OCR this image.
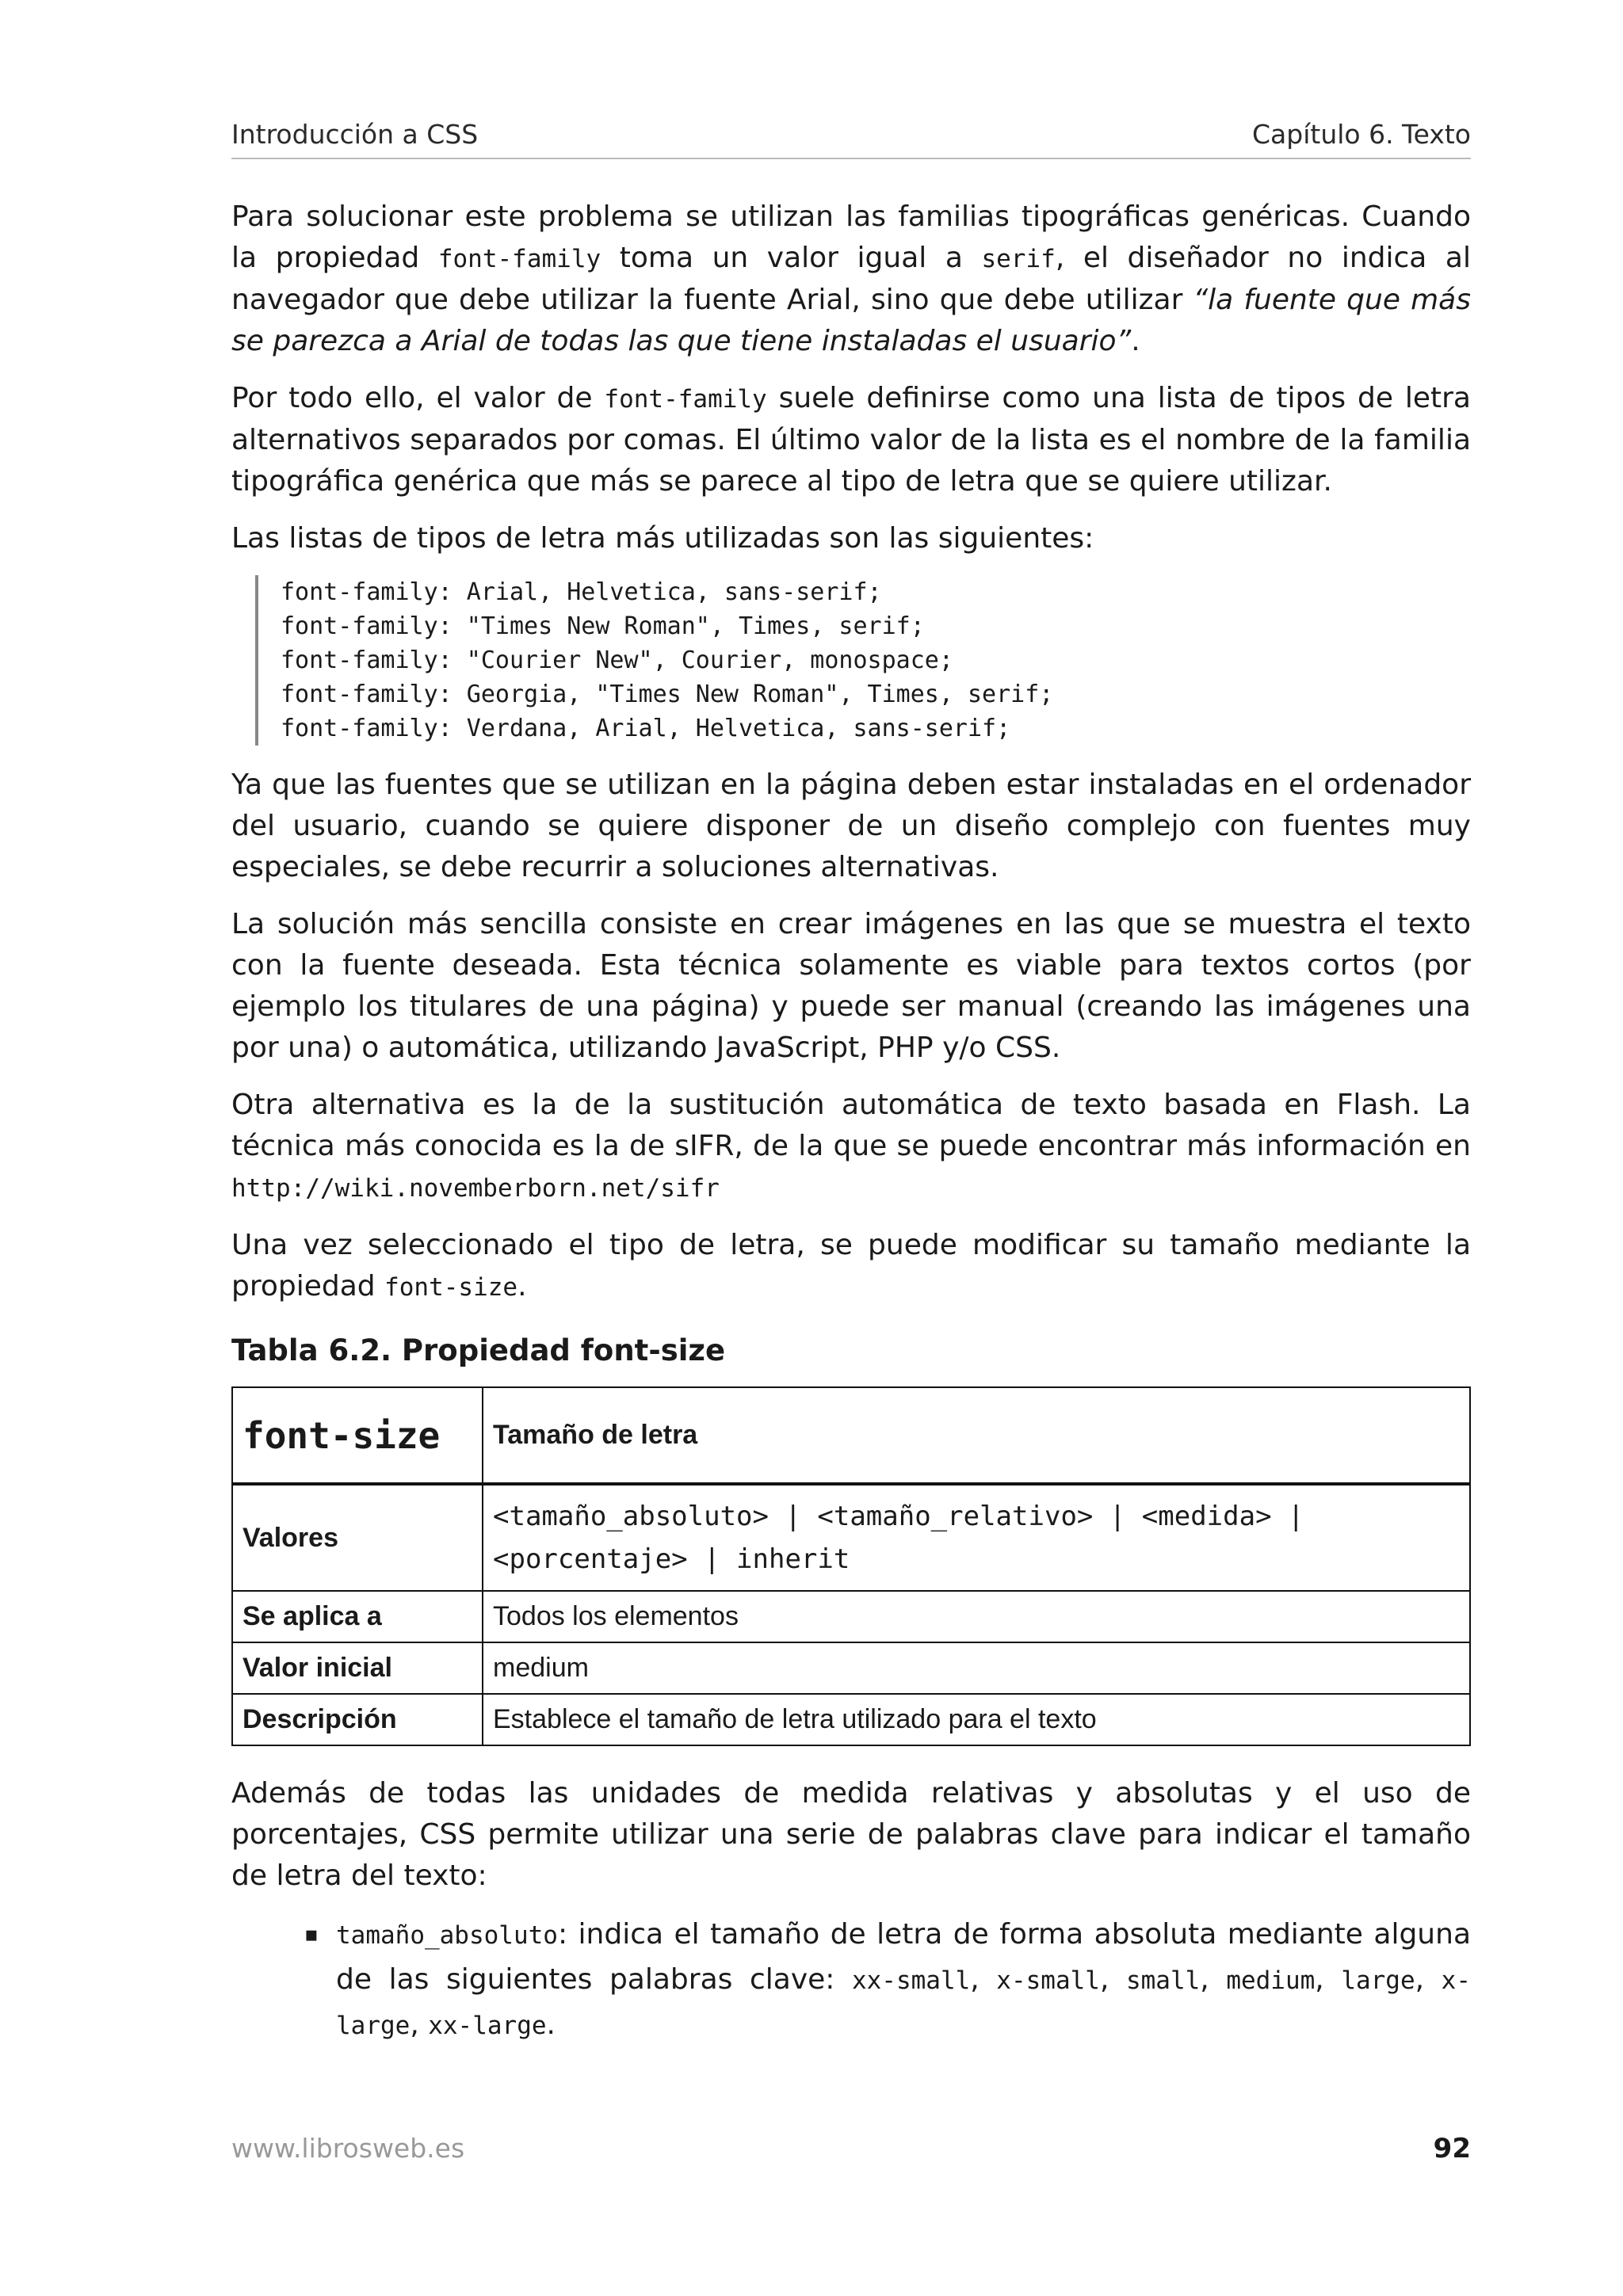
Introducción a CSS	Capítulo 6. Texto

Para solucionar este problema se utilizan las familias tipográficas genéricas. Cuando la propiedad font-family toma un valor igual a serif, el diseñador no indica al navegador que debe utilizar la fuente Arial, sino que debe utilizar “la fuente que más se parezca a Arial de todas las que tiene instaladas el usuario”.

Por todo ello, el valor de font-family suele definirse como una lista de tipos de letra alternativos separados por comas. El último valor de la lista es el nombre de la familia tipográfica genérica que más se parece al tipo de letra que se quiere utilizar.

Las listas de tipos de letra más utilizadas son las siguientes:

font-family: Arial, Helvetica, sans-serif;
font-family: "Times New Roman", Times, serif;
font-family: "Courier New", Courier, monospace;
font-family: Georgia, "Times New Roman", Times, serif;
font-family: Verdana, Arial, Helvetica, sans-serif;

Ya que las fuentes que se utilizan en la página deben estar instaladas en el ordenador del usuario, cuando se quiere disponer de un diseño complejo con fuentes muy especiales, se debe recurrir a soluciones alternativas.

La solución más sencilla consiste en crear imágenes en las que se muestra el texto con la fuente deseada. Esta técnica solamente es viable para textos cortos (por ejemplo los titulares de una página) y puede ser manual (creando las imágenes una por una) o automática, utilizando JavaScript, PHP y/o CSS.

Otra alternativa es la de la sustitución automática de texto basada en Flash. La técnica más conocida es la de sIFR, de la que se puede encontrar más información en http://wiki.novemberborn.net/sifr

Una vez seleccionado el tipo de letra, se puede modificar su tamaño mediante la propiedad font-size.

Tabla 6.2. Propiedad font-size
font-size	Tamaño de letra
Valores	<tamaño_absoluto> | <tamaño_relativo> | <medida> | <porcentaje> | inherit
Se aplica a	Todos los elementos
Valor inicial	medium
Descripción	Establece el tamaño de letra utilizado para el texto

Además de todas las unidades de medida relativas y absolutas y el uso de porcentajes, CSS permite utilizar una serie de palabras clave para indicar el tamaño de letra del texto:

▪ tamaño_absoluto: indica el tamaño de letra de forma absoluta mediante alguna de las siguientes palabras clave: xx-small, x-small, small, medium, large, x-large, xx-large.
www.librosweb.es	92
